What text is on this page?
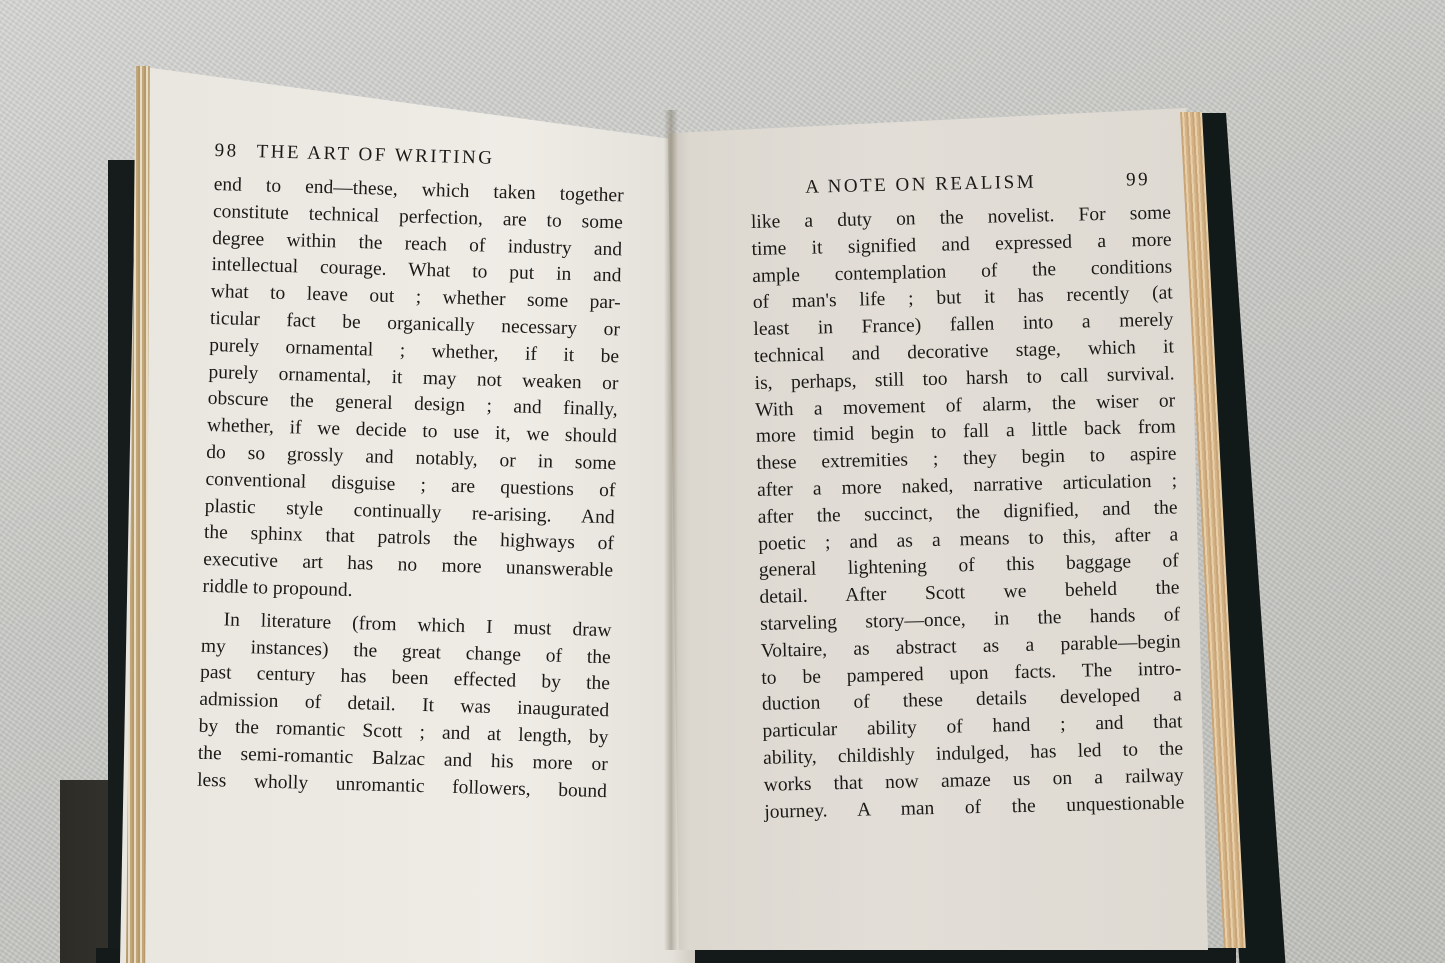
98 THE ART OF WRITING
end to end—these, which taken together
constitute technical perfection, are to some
degree within the reach of industry and
intellectual courage. What to put in and
what to leave out ; whether some par-
ticular fact be organically necessary or
purely ornamental ; whether, if it be
purely ornamental, it may not weaken or
obscure the general design ; and finally,
whether, if we decide to use it, we should
do so grossly and notably, or in some
conventional disguise ; are questions of
plastic style continually re-arising. And
the sphinx that patrols the highways of
executive art has no more unanswerable
riddle to propound.
In literature (from which I must draw
my instances) the great change of the
past century has been effected by the
admission of detail. It was inaugurated
by the romantic Scott ; and at length, by
the semi-romantic Balzac and his more or
less wholly unromantic followers, bound
A NOTE ON REALISM	99
like a duty on the novelist. For some
time it signified and expressed a more
ample contemplation of the conditions
of man's life ; but it has recently (at
least in France) fallen into a merely
technical and decorative stage, which it
is, perhaps, still too harsh to call survival.
With a movement of alarm, the wiser or
more timid begin to fall a little back from
these extremities ; they begin to aspire
after a more naked, narrative articulation ;
after the succinct, the dignified, and the
poetic ; and as a means to this, after a
general lightening of this baggage of
detail. After Scott we beheld the
starveling story—once, in the hands of
Voltaire, as abstract as a parable—begin
to be pampered upon facts. The intro-
duction of these details developed a
particular ability of hand ; and that
ability, childishly indulged, has led to the
works that now amaze us on a railway
journey. A man of the unquestionable
